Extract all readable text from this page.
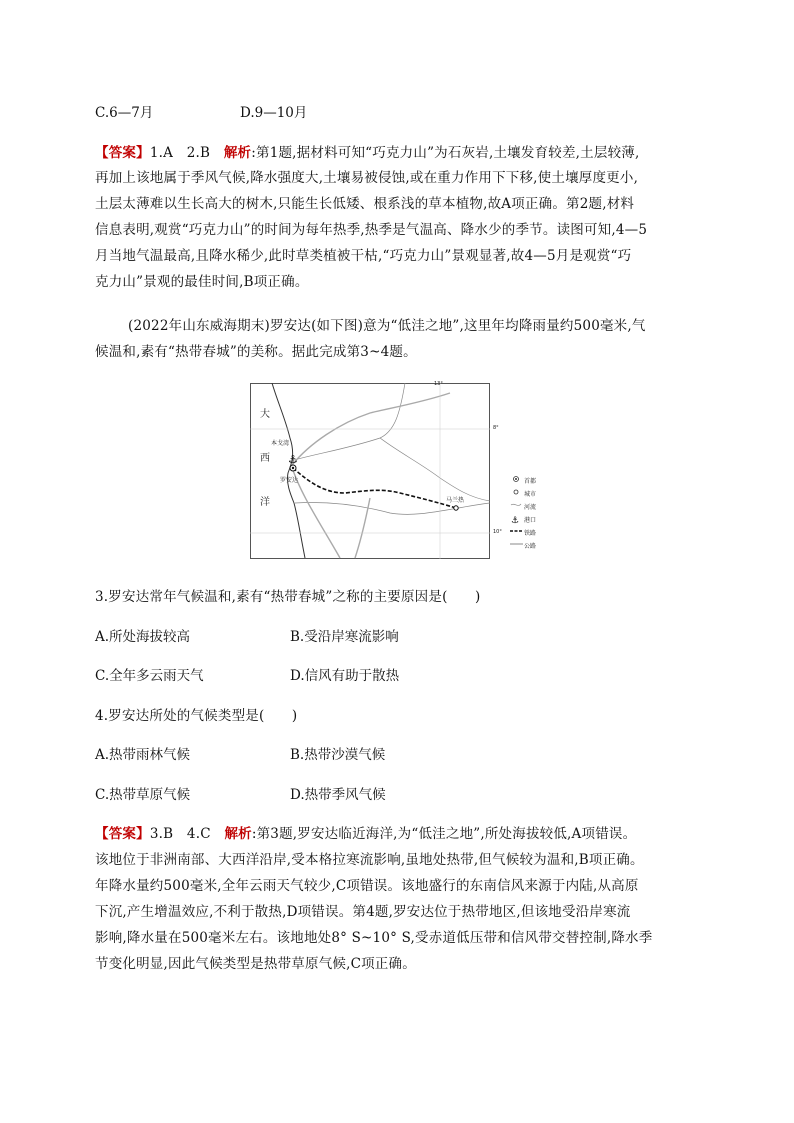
C.6—7月	D.9—10月
【答案】1.A　2.B　解析:第1题,据材料可知“巧克力山”为石灰岩,土壤发育较差,土层较薄,
再加上该地属于季风气候,降水强度大,土壤易被侵蚀,或在重力作用下下移,使土壤厚度更小,
土层太薄难以生长高大的树木,只能生长低矮、根系浅的草本植物,故A项正确。第2题,材料
信息表明,观赏“巧克力山”的时间为每年热季,热季是气温高、降水少的季节。读图可知,4—5
月当地气温最高,且降水稀少,此时草类植被干枯,“巧克力山”景观显著,故4—5月是观赏“巧
克力山”景观的最佳时间,B项正确。
(2022年山东威海期末)罗安达(如下图)意为“低洼之地”,这里年均降雨量约500毫米,气
候温和,素有“热带春城”的美称。据此完成第3~4题。
⚓
⚓
大
西
洋
本戈湾
罗安达
马兰热
13°
8°
10°
首都
城市
河流
港口
铁路
公路
3.罗安达常年气候温和,素有“热带春城”之称的主要原因是(　　)
A.所处海拔较高	B.受沿岸寒流影响
C.全年多云雨天气	D.信风有助于散热
4.罗安达所处的气候类型是(　　)
A.热带雨林气候	B.热带沙漠气候
C.热带草原气候	D.热带季风气候
【答案】3.B　4.C　解析:第3题,罗安达临近海洋,为“低洼之地”,所处海拔较低,A项错误。
该地位于非洲南部、大西洋沿岸,受本格拉寒流影响,虽地处热带,但气候较为温和,B项正确。
年降水量约500毫米,全年云雨天气较少,C项错误。该地盛行的东南信风来源于内陆,从高原
下沉,产生增温效应,不利于散热,D项错误。第4题,罗安达位于热带地区,但该地受沿岸寒流
影响,降水量在500毫米左右。该地地处8° S~10° S,受赤道低压带和信风带交替控制,降水季
节变化明显,因此气候类型是热带草原气候,C项正确。
